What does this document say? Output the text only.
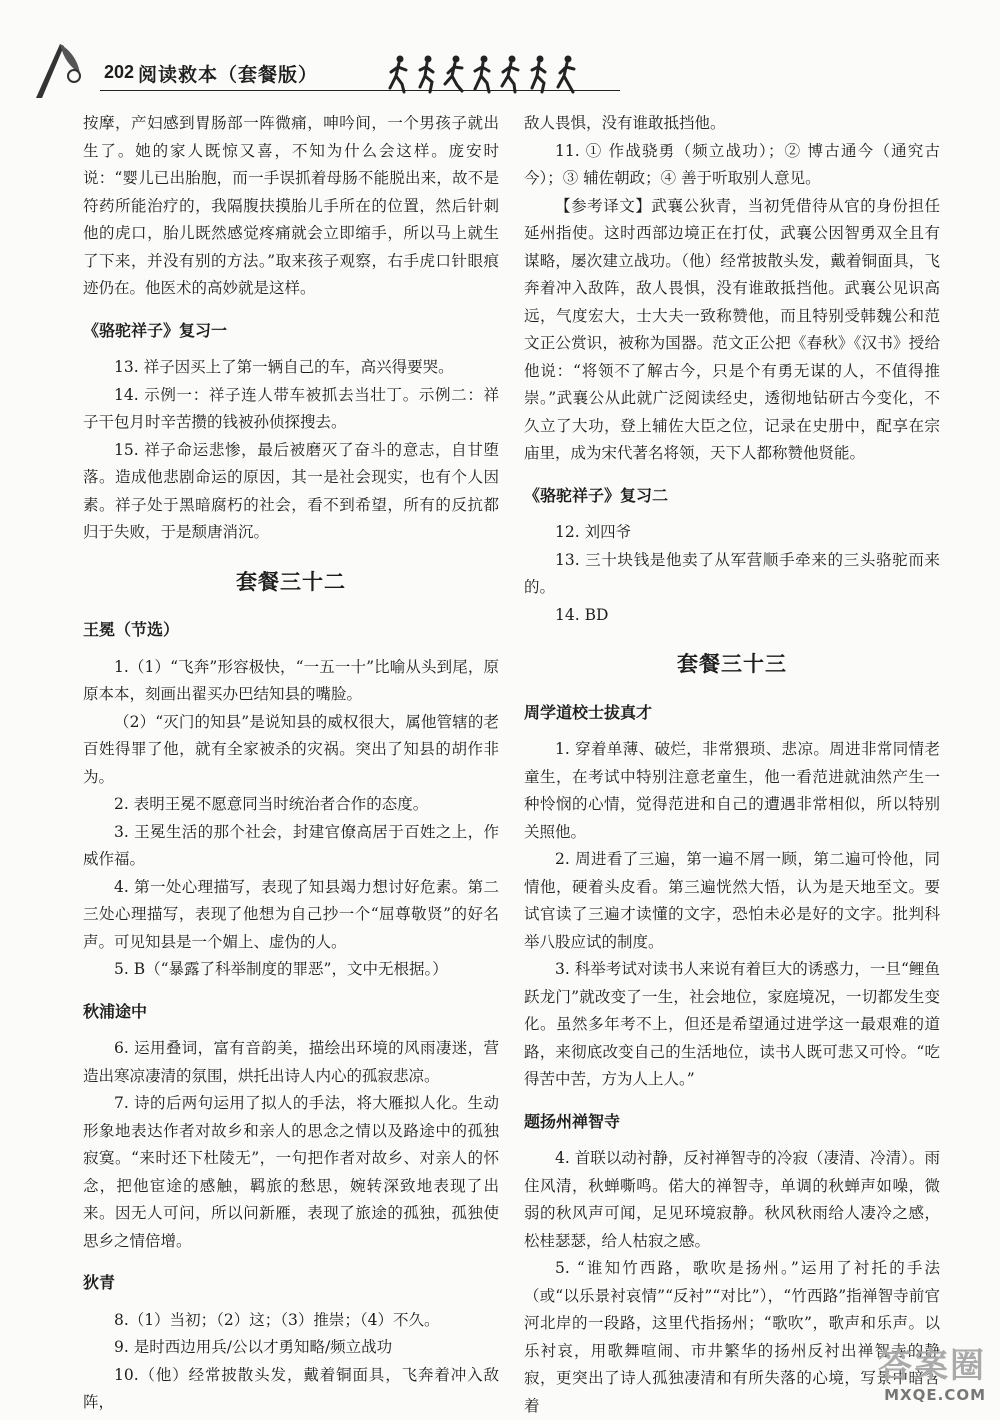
202 阅读救本（套餐版）

按摩，产妇感到胃肠部一阵微痛，呻吟间，一个男孩子就出生了。她的家人既惊又喜，不知为什么会这样。庞安时说：“婴儿已出胎胞，而一手误抓着母肠不能脱出来，故不是符药所能治疗的，我隔腹扶摸胎儿手所在的位置，然后针刺他的虎口，胎儿既然感觉疼痛就会立即缩手，所以马上就生了下来，并没有别的方法。”取来孩子观察，右手虎口针眼痕迹仍在。他医术的高妙就是这样。

《骆驼祥子》复习一

13. 祥子因买上了第一辆自己的车，高兴得要哭。

14. 示例一：祥子连人带车被抓去当壮丁。示例二：祥子干包月时辛苦攒的钱被孙侦探搜去。

15. 祥子命运悲惨，最后被磨灭了奋斗的意志，自甘堕落。造成他悲剧命运的原因，其一是社会现实，也有个人因素。祥子处于黑暗腐朽的社会，看不到希望，所有的反抗都归于失败，于是颓唐消沉。

套餐三十二
王冕（节选）

1.（1）“飞奔”形容极快，“一五一十”比喻从头到尾，原原本本，刻画出翟买办巴结知县的嘴脸。

（2）“灭门的知县”是说知县的威权很大，属他管辖的老百姓得罪了他，就有全家被杀的灾祸。突出了知县的胡作非为。

2. 表明王冕不愿意同当时统治者合作的态度。

3. 王冕生活的那个社会，封建官僚高居于百姓之上，作威作福。

4. 第一处心理描写，表现了知县竭力想讨好危素。第二三处心理描写，表现了他想为自己抄一个“屈尊敬贤”的好名声。可见知县是一个媚上、虚伪的人。

5. B（“暴露了科举制度的罪恶”，文中无根据。）

秋浦途中

6. 运用叠词，富有音韵美，描绘出环境的风雨凄迷，营造出寒凉凄清的氛围，烘托出诗人内心的孤寂悲凉。

7. 诗的后两句运用了拟人的手法，将大雁拟人化。生动形象地表达作者对故乡和亲人的思念之情以及路途中的孤独寂寞。“来时还下杜陵无”，一句把作者对故乡、对亲人的怀念，把他宦途的感触，羁旅的愁思，婉转深致地表现了出来。因无人可问，所以问新雁，表现了旅途的孤独，孤独使思乡之情倍增。

狄青

8.（1）当初；（2）这；（3）推崇；（4）不久。

9. 是时西边用兵/公以才勇知略/频立战功

10.（他）经常披散头发，戴着铜面具，飞奔着冲入敌阵，

敌人畏惧，没有谁敢抵挡他。

11. ① 作战骁勇（频立战功）；② 博古通今（通究古今）；③ 辅佐朝政；④ 善于听取别人意见。

【参考译文】武襄公狄青，当初凭借待从官的身份担任延州指使。这时西部边境正在打仗，武襄公因智勇双全且有谋略，屡次建立战功。（他）经常披散头发，戴着铜面具，飞奔着冲入敌阵，敌人畏惧，没有谁敢抵挡他。武襄公见识高远，气度宏大，士大夫一致称赞他，而且特别受韩魏公和范文正公赏识，被称为国器。范文正公把《春秋》《汉书》授给他说：“将领不了解古今，只是个有勇无谋的人，不值得推崇。”武襄公从此就广泛阅读经史，透彻地钻研古今变化，不久立了大功，登上辅佐大臣之位，记录在史册中，配享在宗庙里，成为宋代著名将领，天下人都称赞他贤能。

《骆驼祥子》复习二

12. 刘四爷

13. 三十块钱是他卖了从军营顺手牵来的三头骆驼而来的。

14. BD

套餐三十三
周学道校士拔真才

1. 穿着单薄、破烂，非常猥琐、悲凉。周进非常同情老童生，在考试中特别注意老童生，他一看范进就油然产生一种怜悯的心情，觉得范进和自己的遭遇非常相似，所以特别关照他。

2. 周进看了三遍，第一遍不屑一顾，第二遍可怜他，同情他，硬着头皮看。第三遍恍然大悟，认为是天地至文。要试官读了三遍才读懂的文字，恐怕未必是好的文字。批判科举八股应试的制度。

3. 科举考试对读书人来说有着巨大的诱惑力，一旦“鲤鱼跃龙门”就改变了一生，社会地位，家庭境况，一切都发生变化。虽然多年考不上，但还是希望通过进学这一最艰难的道路，来彻底改变自己的生活地位，读书人既可悲又可怜。“吃得苦中苦，方为人上人。”

题扬州禅智寺

4. 首联以动衬静，反衬禅智寺的冷寂（凄清、冷清）。雨住风清，秋蝉嘶鸣。偌大的禅智寺，单调的秋蝉声如噪，微弱的秋风声可闻，足见环境寂静。秋风秋雨给人凄冷之感，松桂瑟瑟，给人枯寂之感。

5. “谁知竹西路，歌吹是扬州。”运用了衬托的手法（或“以乐景衬哀情”“反衬”“对比”），“竹西路”指禅智寺前官河北岸的一段路，这里代指扬州；“歌吹”，歌声和乐声。以乐衬哀，用歌舞喧闹、市井繁华的扬州反衬出禅智寺的静寂，更突出了诗人孤独凄清和有所失落的心境，写景中暗含着

答案圈
MXQE.COM
